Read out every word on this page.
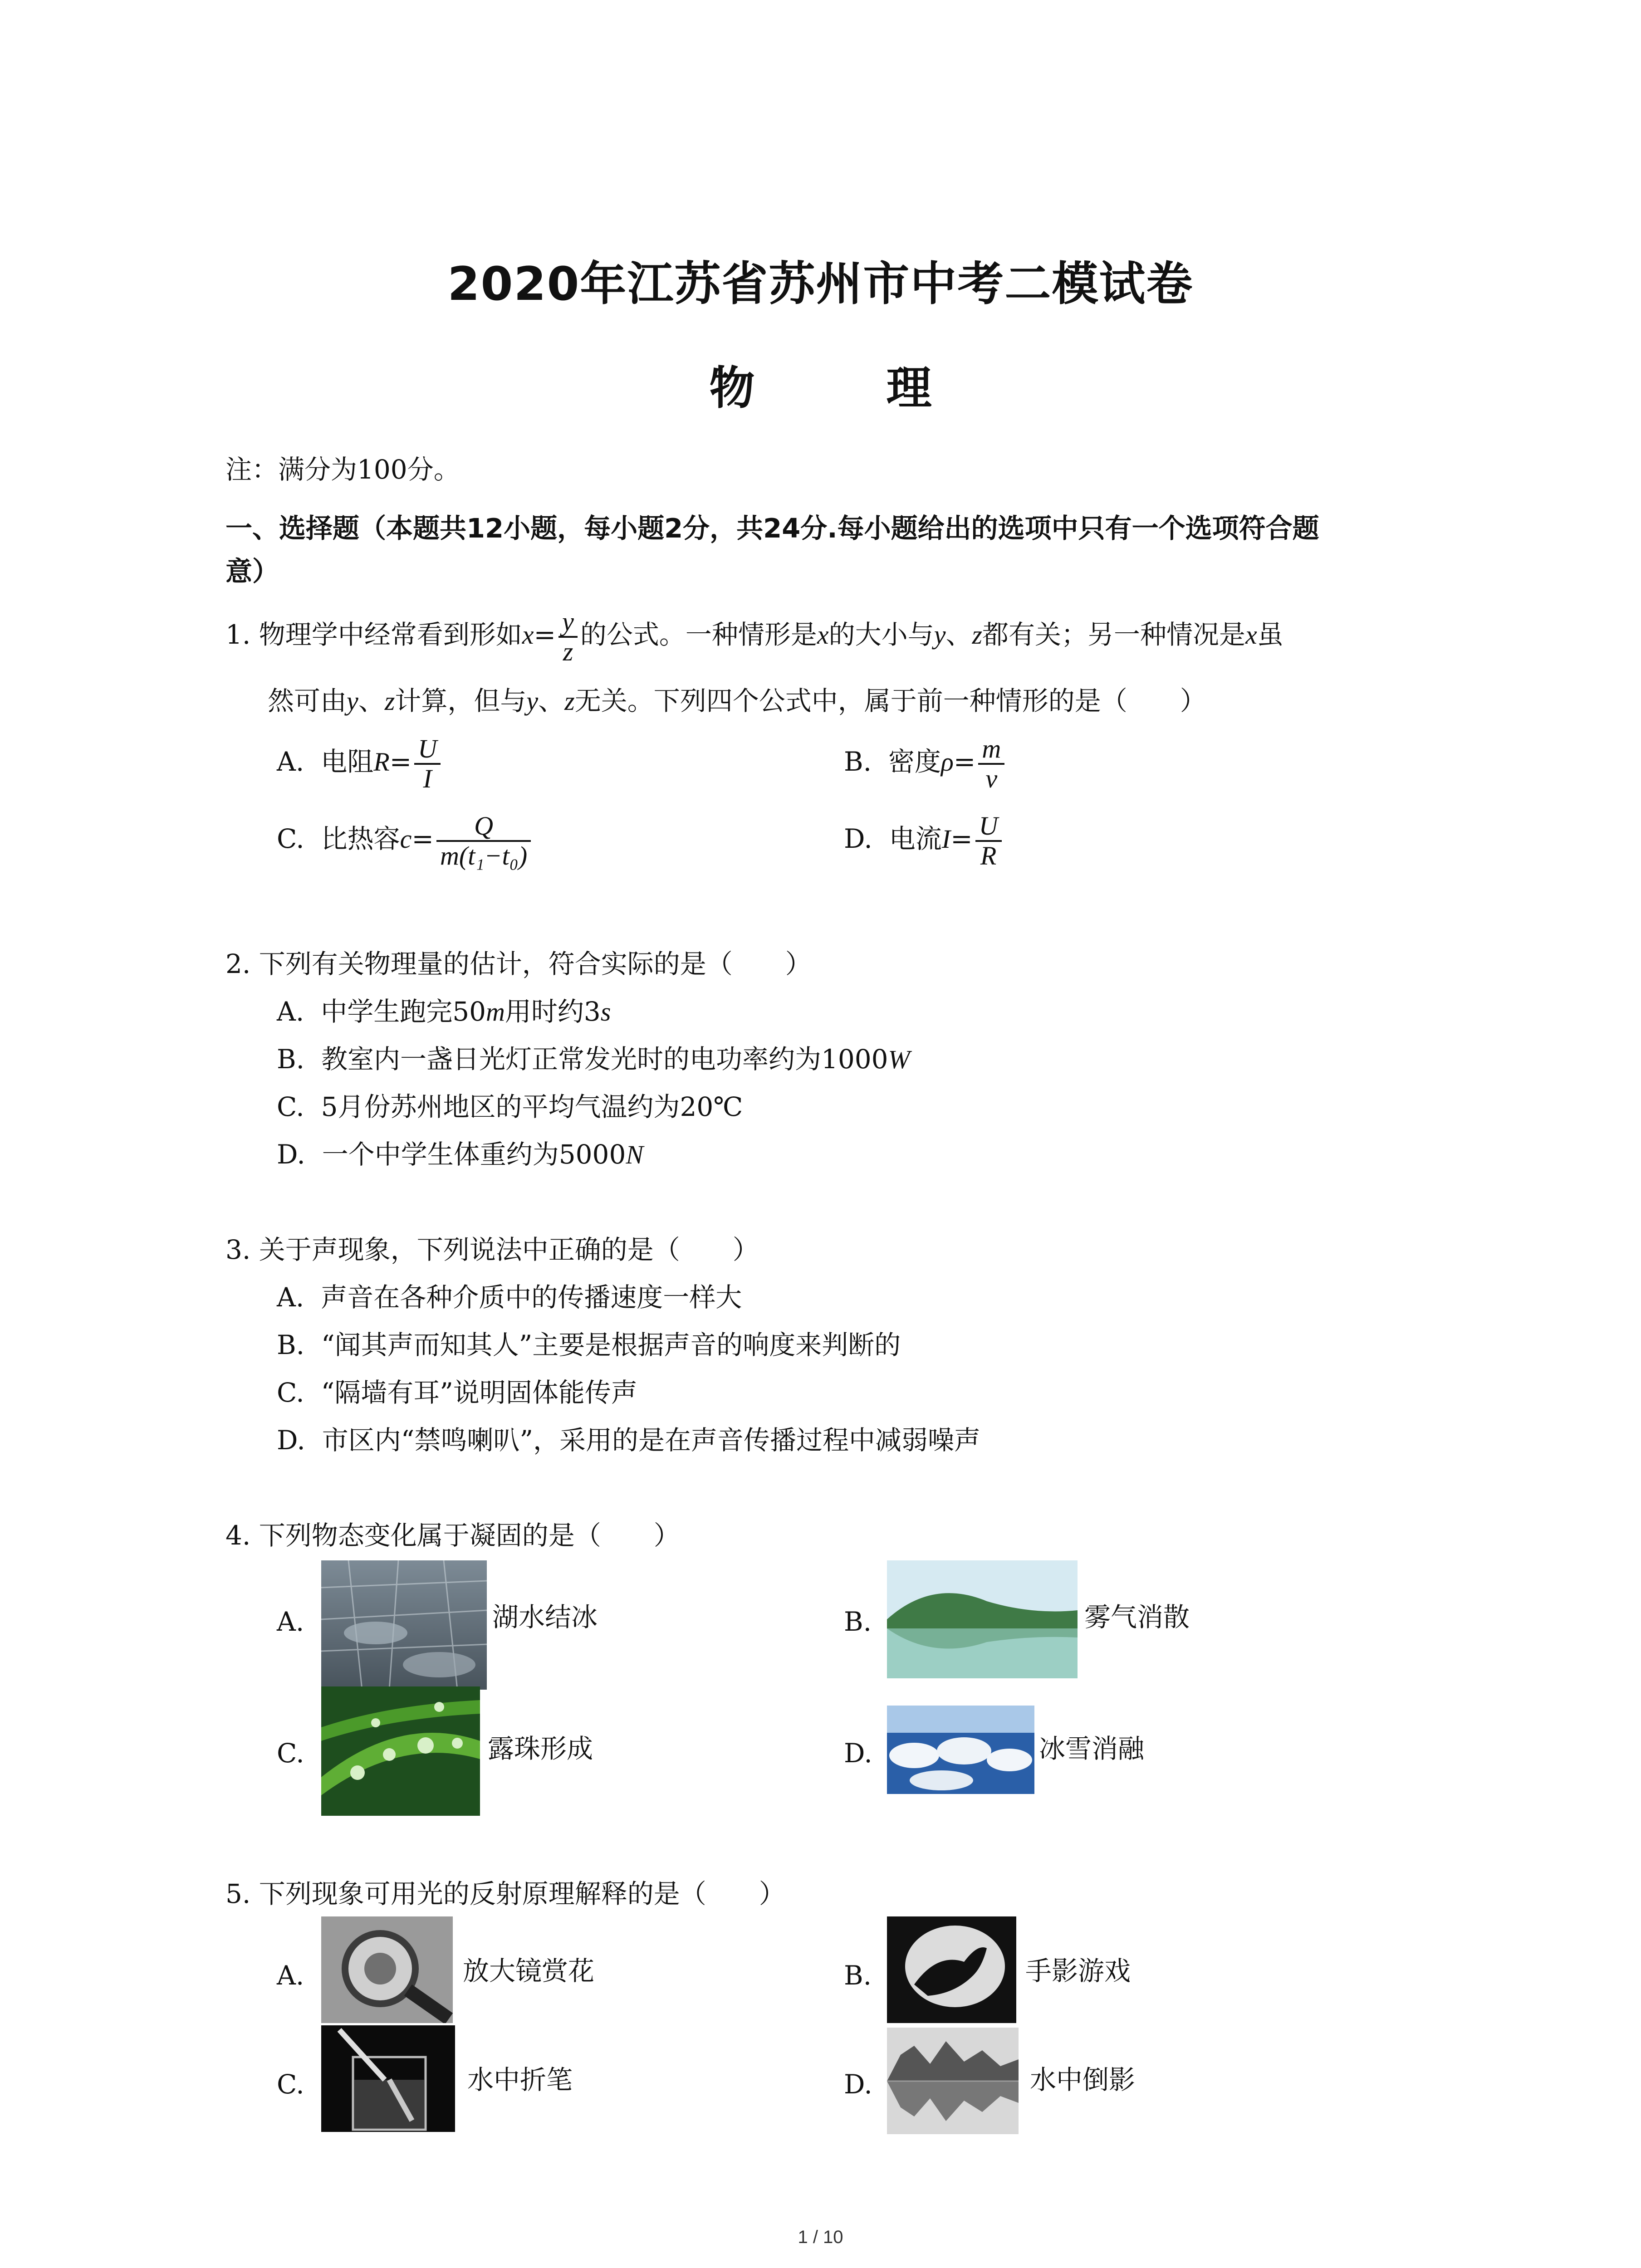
2020年江苏省苏州市中考二模试卷
物　理
注：满分为100分。
一、选择题（本题共12小题，每小题2分，共24分.每小题给出的选项中只有一个选项符合题
意）
1. 物理学中经常看到形如$x= \frac{y}{z}$ 的公式。一种情形是x的大小与y、z都有关；另一种情况是x虽
然可由y、z计算，但与y、z无关。下列四个公式中，属于前一种情形的是（　　）
A. 电阻$R= \frac{U}{I}$	B. 密度$\rho= \frac{m}{v}$
C. 比热容$c= \frac{Q}{\text{m(t₁−t₀)}}$	D. 电流$I= \frac{U}{R}$
2. 下列有关物理量的估计，符合实际的是（　　）
A. 中学生跑完50m用时约3s
B. 教室内一盏日光灯正常发光时的电功率约为1000W
C. 5月份苏州地区的平均气温约为20℃
D. 一个中学生体重约为5000N
3. 关于声现象，下列说法中正确的是（　　）
A. 声音在各种介质中的传播速度一样大
B. “闻其声而知其人”主要是根据声音的响度来判断的
C. “隔墙有耳”说明固体能传声
D. 市区内“禁鸣喇叭”，采用的是在声音传播过程中减弱噪声
4. 下列物态变化属于凝固的是（　　）
A.	湖水结冰	B.	雾气消散
C.	露珠形成	D.	冰雪消融
5. 下列现象可用光的反射原理解释的是（　　）
A.	放大镜赏花	B.	手影游戏
C.	水中折笔	D.	水中倒影
1 / 10
